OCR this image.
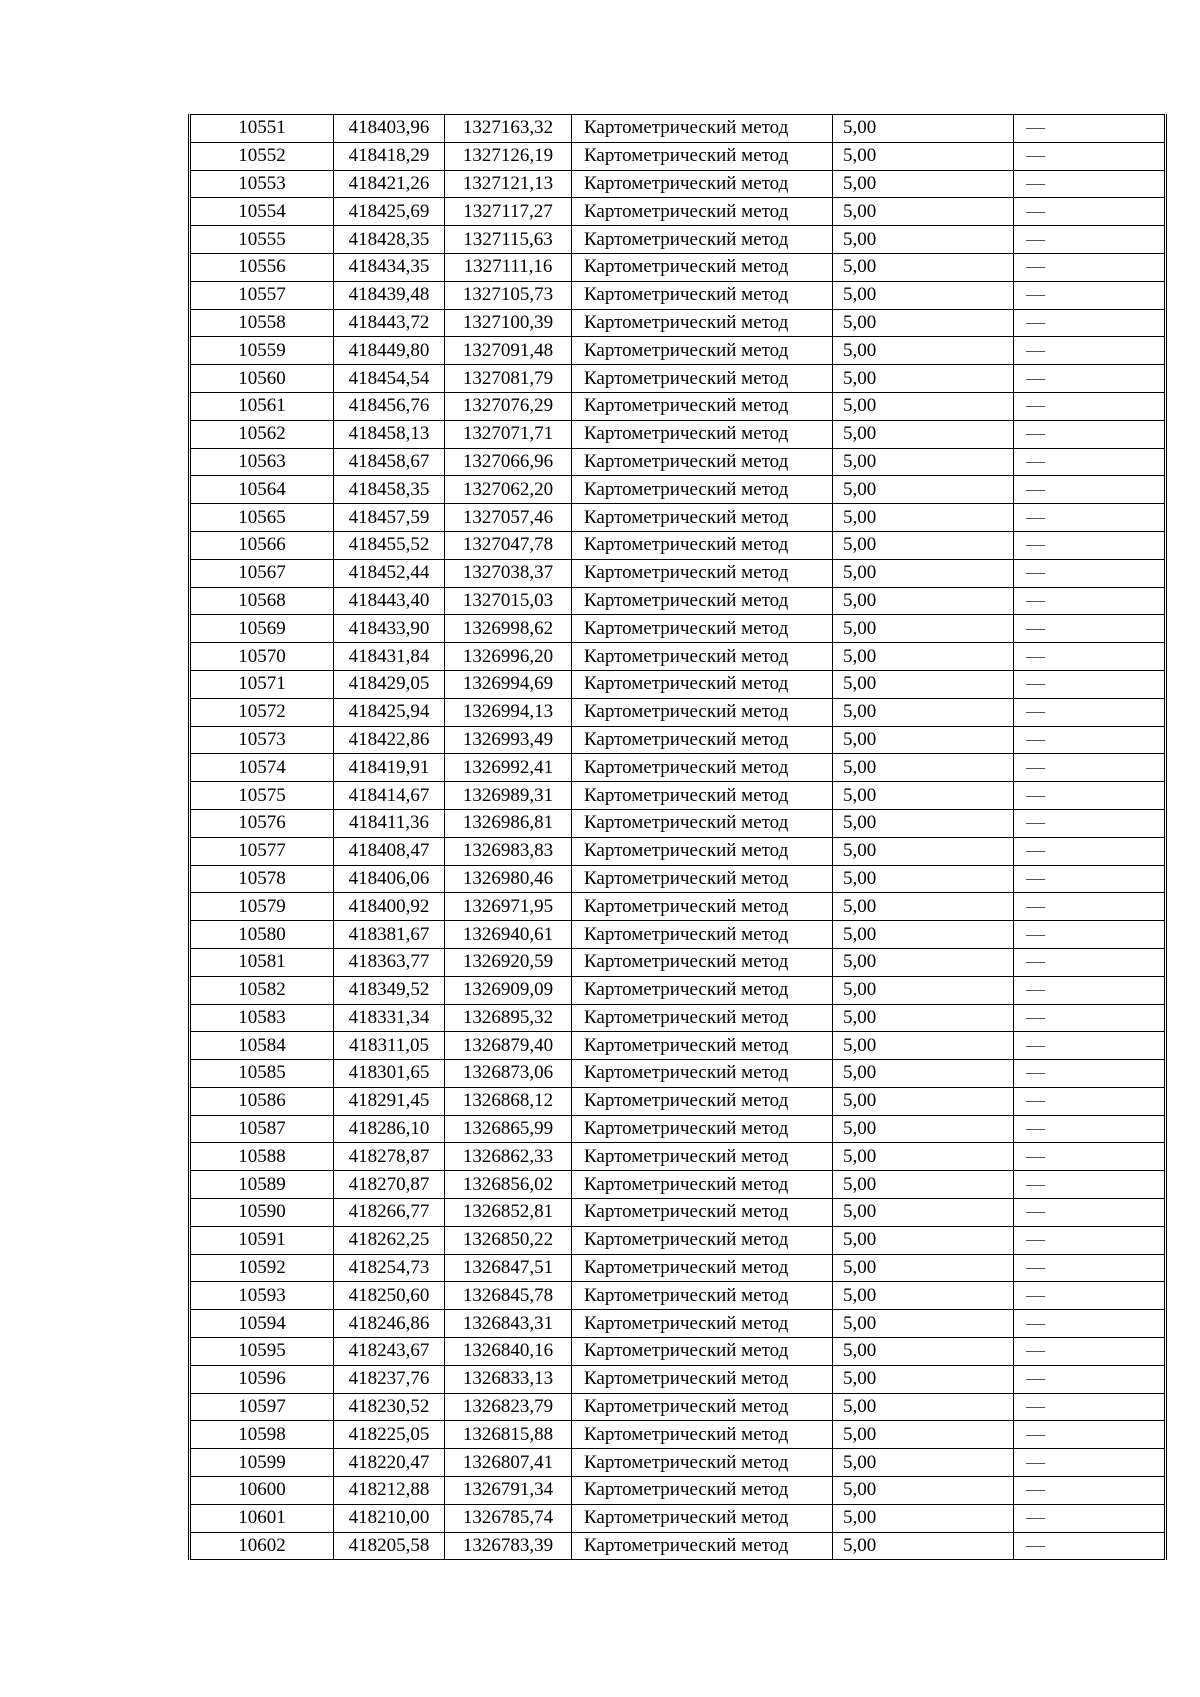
10551	418403,96	1327163,32	Картометрический метод	5,00	—
10552	418418,29	1327126,19	Картометрический метод	5,00	—
10553	418421,26	1327121,13	Картометрический метод	5,00	—
10554	418425,69	1327117,27	Картометрический метод	5,00	—
10555	418428,35	1327115,63	Картометрический метод	5,00	—
10556	418434,35	1327111,16	Картометрический метод	5,00	—
10557	418439,48	1327105,73	Картометрический метод	5,00	—
10558	418443,72	1327100,39	Картометрический метод	5,00	—
10559	418449,80	1327091,48	Картометрический метод	5,00	—
10560	418454,54	1327081,79	Картометрический метод	5,00	—
10561	418456,76	1327076,29	Картометрический метод	5,00	—
10562	418458,13	1327071,71	Картометрический метод	5,00	—
10563	418458,67	1327066,96	Картометрический метод	5,00	—
10564	418458,35	1327062,20	Картометрический метод	5,00	—
10565	418457,59	1327057,46	Картометрический метод	5,00	—
10566	418455,52	1327047,78	Картометрический метод	5,00	—
10567	418452,44	1327038,37	Картометрический метод	5,00	—
10568	418443,40	1327015,03	Картометрический метод	5,00	—
10569	418433,90	1326998,62	Картометрический метод	5,00	—
10570	418431,84	1326996,20	Картометрический метод	5,00	—
10571	418429,05	1326994,69	Картометрический метод	5,00	—
10572	418425,94	1326994,13	Картометрический метод	5,00	—
10573	418422,86	1326993,49	Картометрический метод	5,00	—
10574	418419,91	1326992,41	Картометрический метод	5,00	—
10575	418414,67	1326989,31	Картометрический метод	5,00	—
10576	418411,36	1326986,81	Картометрический метод	5,00	—
10577	418408,47	1326983,83	Картометрический метод	5,00	—
10578	418406,06	1326980,46	Картометрический метод	5,00	—
10579	418400,92	1326971,95	Картометрический метод	5,00	—
10580	418381,67	1326940,61	Картометрический метод	5,00	—
10581	418363,77	1326920,59	Картометрический метод	5,00	—
10582	418349,52	1326909,09	Картометрический метод	5,00	—
10583	418331,34	1326895,32	Картометрический метод	5,00	—
10584	418311,05	1326879,40	Картометрический метод	5,00	—
10585	418301,65	1326873,06	Картометрический метод	5,00	—
10586	418291,45	1326868,12	Картометрический метод	5,00	—
10587	418286,10	1326865,99	Картометрический метод	5,00	—
10588	418278,87	1326862,33	Картометрический метод	5,00	—
10589	418270,87	1326856,02	Картометрический метод	5,00	—
10590	418266,77	1326852,81	Картометрический метод	5,00	—
10591	418262,25	1326850,22	Картометрический метод	5,00	—
10592	418254,73	1326847,51	Картометрический метод	5,00	—
10593	418250,60	1326845,78	Картометрический метод	5,00	—
10594	418246,86	1326843,31	Картометрический метод	5,00	—
10595	418243,67	1326840,16	Картометрический метод	5,00	—
10596	418237,76	1326833,13	Картометрический метод	5,00	—
10597	418230,52	1326823,79	Картометрический метод	5,00	—
10598	418225,05	1326815,88	Картометрический метод	5,00	—
10599	418220,47	1326807,41	Картометрический метод	5,00	—
10600	418212,88	1326791,34	Картометрический метод	5,00	—
10601	418210,00	1326785,74	Картометрический метод	5,00	—
10602	418205,58	1326783,39	Картометрический метод	5,00	—
